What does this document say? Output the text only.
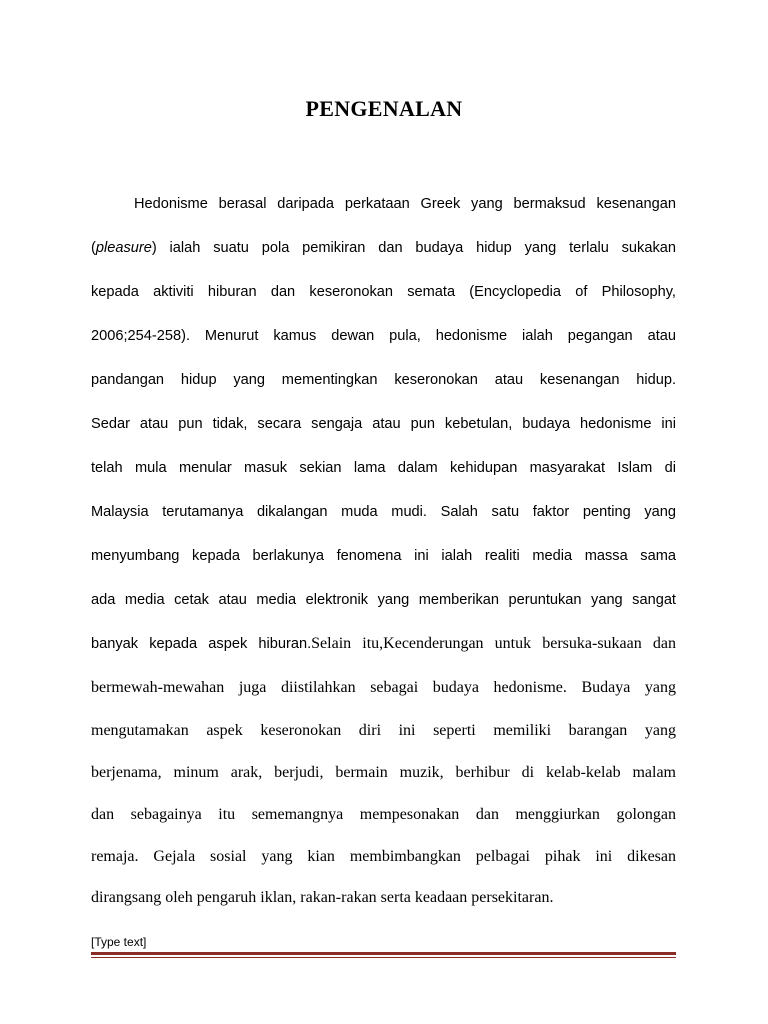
PENGENALAN
Hedonisme berasal daripada perkataan Greek yang bermaksud kesenangan
(pleasure) ialah suatu pola pemikiran dan budaya hidup yang terlalu sukakan
kepada aktiviti hiburan dan keseronokan semata (Encyclopedia of Philosophy,
2006;254-258). Menurut kamus dewan pula, hedonisme ialah pegangan atau
pandangan hidup yang mementingkan keseronokan atau kesenangan hidup.
Sedar atau pun tidak, secara sengaja atau pun kebetulan, budaya hedonisme ini
telah mula menular masuk sekian lama dalam kehidupan masyarakat Islam di
Malaysia terutamanya dikalangan muda mudi. Salah satu faktor penting yang
menyumbang kepada berlakunya fenomena ini ialah realiti media massa sama
ada media cetak atau media elektronik yang memberikan peruntukan yang sangat
banyak kepada aspek hiburan.Selain itu,Kecenderungan untuk bersuka-sukaan dan
bermewah-mewahan juga diistilahkan sebagai budaya hedonisme. Budaya yang
mengutamakan aspek keseronokan diri ini seperti memiliki barangan yang
berjenama, minum arak, berjudi, bermain muzik, berhibur di kelab-kelab malam
dan sebagainya itu sememangnya mempesonakan dan menggiurkan golongan
remaja. Gejala sosial yang kian membimbangkan pelbagai pihak ini dikesan
dirangsang oleh pengaruh iklan, rakan-rakan serta keadaan persekitaran.
[Type text]
